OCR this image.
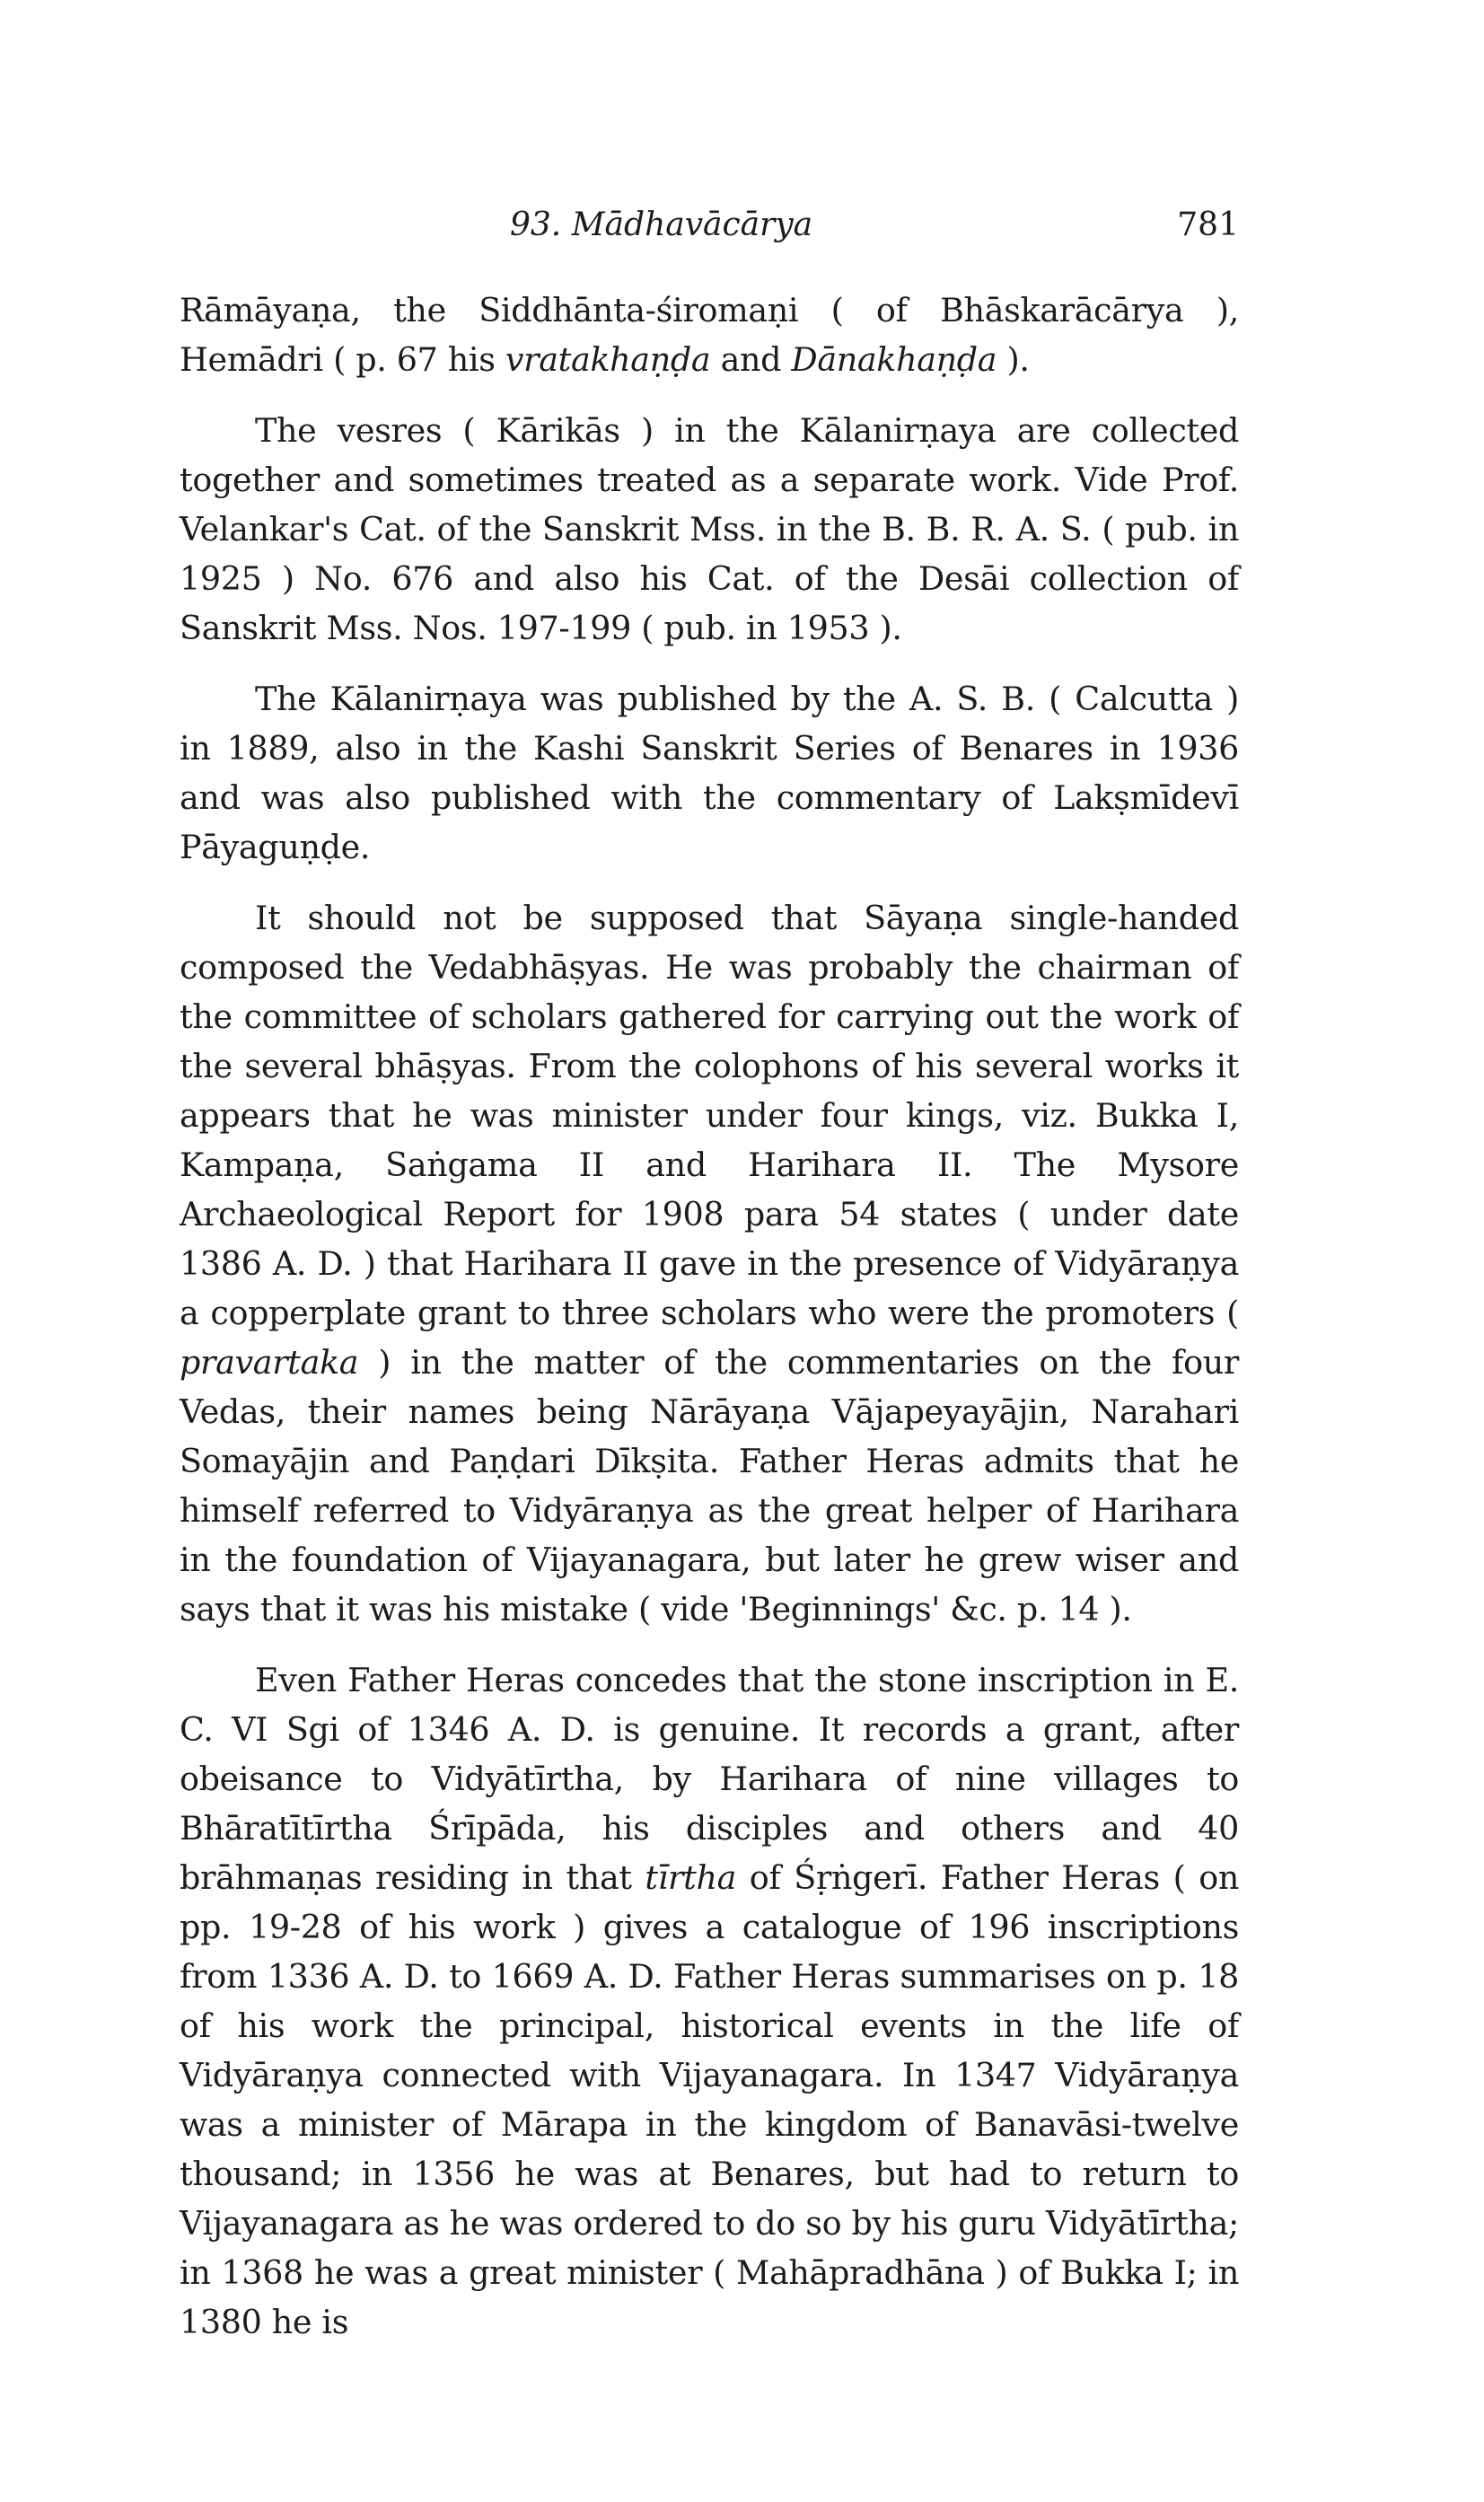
93. Mādhavācārya	781

Rāmāyaṇa, the Siddhānta-śiromaṇi ( of Bhāskarācārya ), Hemādri ( p. 67 his vratakhaṇḍa and Dānakhaṇḍa ).

The vesres ( Kārikās ) in the Kālanirṇaya are collected together and sometimes treated as a separate work. Vide Prof. Velankar's Cat. of the Sanskrit Mss. in the B. B. R. A. S. ( pub. in 1925 ) No. 676 and also his Cat. of the Desāi collection of Sanskrit Mss. Nos. 197-199 ( pub. in 1953 ).

The Kālanirṇaya was published by the A. S. B. ( Calcutta ) in 1889, also in the Kashi Sanskrit Series of Benares in 1936 and was also published with the commentary of Lakṣmīdevī Pāyaguṇḍe.

It should not be supposed that Sāyaṇa single-handed composed the Vedabhāṣyas. He was probably the chairman of the committee of scholars gathered for carrying out the work of the several bhāṣyas. From the colophons of his several works it appears that he was minister under four kings, viz. Bukka I, Kampaṇa, Saṅgama II and Harihara II. The Mysore Archaeological Report for 1908 para 54 states ( under date 1386 A. D. ) that Harihara II gave in the presence of Vidyāraṇya a copperplate grant to three scholars who were the promoters ( pravartaka ) in the matter of the commentaries on the four Vedas, their names being Nārāyaṇa Vājapeyayājin, Narahari Somayājin and Paṇḍari Dīkṣita. Father Heras admits that he himself referred to Vidyāraṇya as the great helper of Harihara in the foundation of Vijayanagara, but later he grew wiser and says that it was his mistake ( vide 'Beginnings' &c. p. 14 ).

Even Father Heras concedes that the stone inscription in E. C. VI Sgi of 1346 A. D. is genuine. It records a grant, after obeisance to Vidyātīrtha, by Harihara of nine villages to Bhāratītīrtha Śrīpāda, his disciples and others and 40 brāhmaṇas residing in that tīrtha of Śṛṅgerī. Father Heras ( on pp. 19-28 of his work ) gives a catalogue of 196 inscriptions from 1336 A. D. to 1669 A. D. Father Heras summarises on p. 18 of his work the principal, historical events in the life of Vidyāraṇya connected with Vijayanagara. In 1347 Vidyāraṇya was a minister of Mārapa in the kingdom of Banavāsi-twelve thousand; in 1356 he was at Benares, but had to return to Vijayanagara as he was ordered to do so by his guru Vidyātīrtha; in 1368 he was a great minister ( Mahāpradhāna ) of Bukka I; in 1380 he is
